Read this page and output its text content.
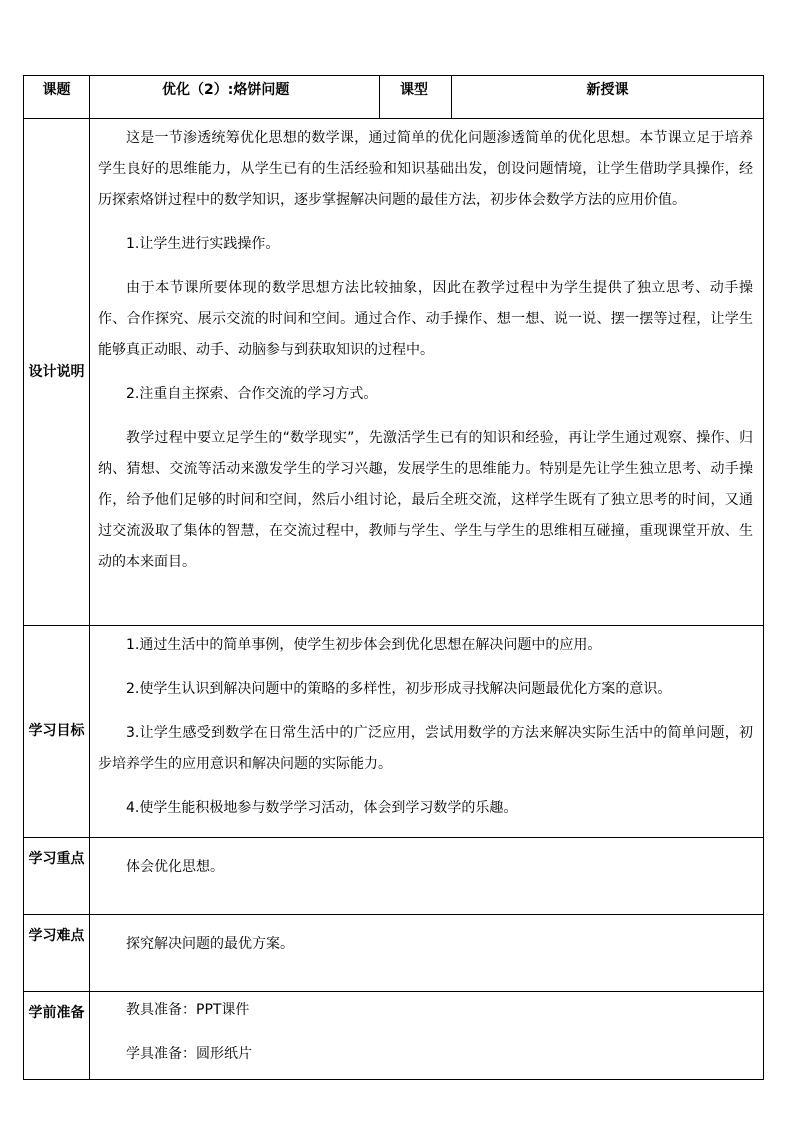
课题	优化（2）:烙饼问题	课型	新授课

设计说明	这是一节渗透统筹优化思想的数学课，通过简单的优化问题渗透简单的优化思想。本节课立足于培养学生良好的思维能力，从学生已有的生活经验和知识基础出发，创设问题情境，让学生借助学具操作，经历探索烙饼过程中的数学知识，逐步掌握解决问题的最佳方法，初步体会数学方法的应用价值。

1.让学生进行实践操作。

由于本节课所要体现的数学思想方法比较抽象，因此在教学过程中为学生提供了独立思考、动手操作、合作探究、展示交流的时间和空间。通过合作、动手操作、想一想、说一说、摆一摆等过程，让学生能够真正动眼、动手、动脑参与到获取知识的过程中。

2.注重自主探索、合作交流的学习方式。

教学过程中要立足学生的“数学现实”，先激活学生已有的知识和经验，再让学生通过观察、操作、归纳、猜想、交流等活动来激发学生的学习兴趣，发展学生的思维能力。特别是先让学生独立思考、动手操作，给予他们足够的时间和空间，然后小组讨论，最后全班交流，这样学生既有了独立思考的时间，又通过交流汲取了集体的智慧，在交流过程中，教师与学生、学生与学生的思维相互碰撞，重现课堂开放、生动的本来面目。		

学习目标	1.通过生活中的简单事例，使学生初步体会到优化思想在解决问题中的应用。

2.使学生认识到解决问题中的策略的多样性，初步形成寻找解决问题最优化方案的意识。

3.让学生感受到数学在日常生活中的广泛应用，尝试用数学的方法来解决实际生活中的简单问题，初步培养学生的应用意识和解决问题的实际能力。

4.使学生能积极地参与数学学习活动，体会到学习数学的乐趣。		

学习重点	体会优化思想。		

学习难点	探究解决问题的最优方案。		

学前准备	教具准备：PPT课件

学具准备：圆形纸片		
